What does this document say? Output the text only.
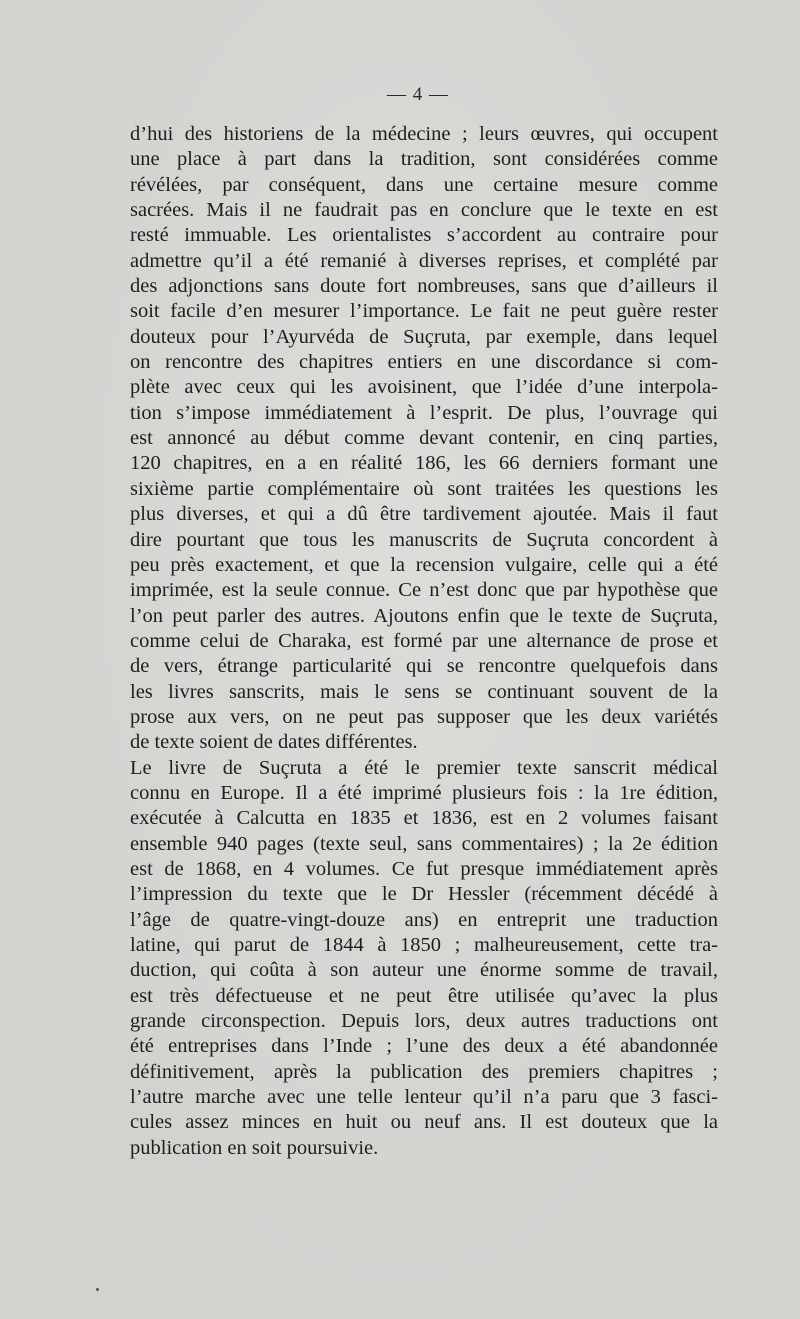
— 4 —
d’hui des historiens de la médecine ; leurs œuvres, qui occupent
une place à part dans la tradition, sont considérées comme
révélées, par conséquent, dans une certaine mesure comme
sacrées. Mais il ne faudrait pas en conclure que le texte en est
resté immuable. Les orientalistes s’accordent au contraire pour
admettre qu’il a été remanié à diverses reprises, et complété par
des adjonctions sans doute fort nombreuses, sans que d’ailleurs il
soit facile d’en mesurer l’importance. Le fait ne peut guère rester
douteux pour l’Ayurvéda de Suçruta, par exemple, dans lequel
on rencontre des chapitres entiers en une discordance si com-
plète avec ceux qui les avoisinent, que l’idée d’une interpola-
tion s’impose immédiatement à l’esprit. De plus, l’ouvrage qui
est annoncé au début comme devant contenir, en cinq parties,
120 chapitres, en a en réalité 186, les 66 derniers formant une
sixième partie complémentaire où sont traitées les questions les
plus diverses, et qui a dû être tardivement ajoutée. Mais il faut
dire pourtant que tous les manuscrits de Suçruta concordent à
peu près exactement, et que la recension vulgaire, celle qui a été
imprimée, est la seule connue. Ce n’est donc que par hypothèse que
l’on peut parler des autres. Ajoutons enfin que le texte de Suçruta,
comme celui de Charaka, est formé par une alternance de prose et
de vers, étrange particularité qui se rencontre quelquefois dans
les livres sanscrits, mais le sens se continuant souvent de la
prose aux vers, on ne peut pas supposer que les deux variétés
de texte soient de dates différentes.
Le livre de Suçruta a été le premier texte sanscrit médical
connu en Europe. Il a été imprimé plusieurs fois : la 1re édition,
exécutée à Calcutta en 1835 et 1836, est en 2 volumes faisant
ensemble 940 pages (texte seul, sans commentaires) ; la 2e édition
est de 1868, en 4 volumes. Ce fut presque immédiatement après
l’impression du texte que le Dr Hessler (récemment décédé à
l’âge de quatre-vingt-douze ans) en entreprit une traduction
latine, qui parut de 1844 à 1850 ; malheureusement, cette tra-
duction, qui coûta à son auteur une énorme somme de travail,
est très défectueuse et ne peut être utilisée qu’avec la plus
grande circonspection. Depuis lors, deux autres traductions ont
été entreprises dans l’Inde ; l’une des deux a été abandonnée
définitivement, après la publication des premiers chapitres ;
l’autre marche avec une telle lenteur qu’il n’a paru que 3 fasci-
cules assez minces en huit ou neuf ans. Il est douteux que la
publication en soit poursuivie.
